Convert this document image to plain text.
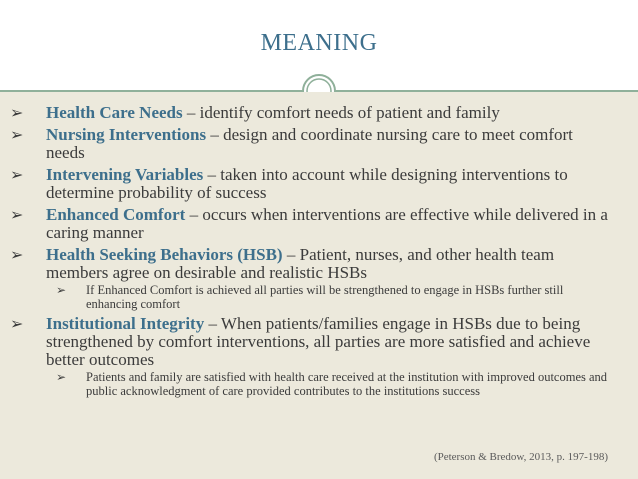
MEANING
➢ Health Care Needs – identify comfort needs of patient and family
➢ Nursing Interventions – design and coordinate nursing care to meet comfort needs
➢ Intervening Variables – taken into account while designing interventions to determine probability of success
➢ Enhanced Comfort – occurs when interventions are effective while delivered in a caring manner
➢ Health Seeking Behaviors (HSB) – Patient, nurses, and other health team members agree on desirable and realistic HSBs
➢ If Enhanced Comfort is achieved all parties will be strengthened to engage in HSBs further still enhancing comfort
➢ Institutional Integrity – When patients/families engage in HSBs due to being strengthened by comfort interventions, all parties are more satisfied and achieve better outcomes
➢ Patients and family are satisfied with health care received at the institution with improved outcomes and public acknowledgment of care provided contributes to the institutions success
(Peterson & Bredow, 2013, p. 197-198)
